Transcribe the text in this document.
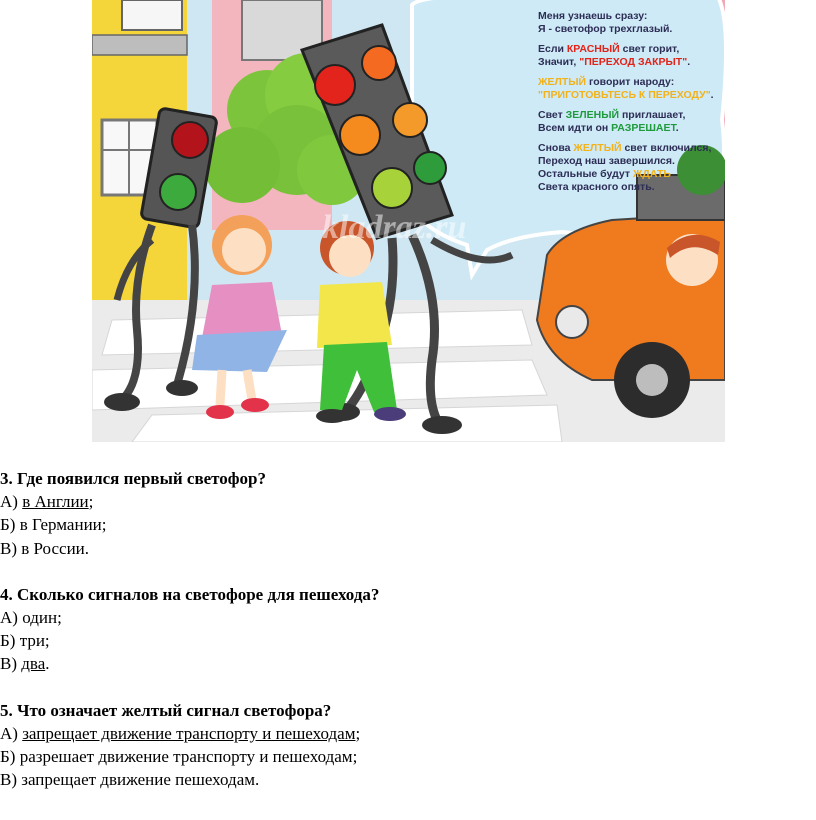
kladraz.ru
Меня узнаешь сразу:
Я - светофор трехглазый.
Если КРАСНЫЙ свет горит,
Значит, "ПЕРЕХОД ЗАКРЫТ".
ЖЕЛТЫЙ говорит народу:
"ПРИГОТОВЬТЕСЬ К ПЕРЕХОДУ".
Свет ЗЕЛЕНЫЙ приглашает,
Всем идти он РАЗРЕШАЕТ.
Снова ЖЕЛТЫЙ свет включился,
Переход наш завершился.
Остальные будут ЖДАТЬ
Света красного опять.
3. Где появился первый светофор?
А) в Англии;
Б) в Германии;
В) в России.
4. Сколько сигналов на светофоре для пешехода?
А) один;
Б) три;
В) два.
5. Что означает желтый сигнал светофора?
А) запрещает движение транспорту и пешеходам;
Б) разрешает движение транспорту и пешеходам;
В) запрещает движение пешеходам.
